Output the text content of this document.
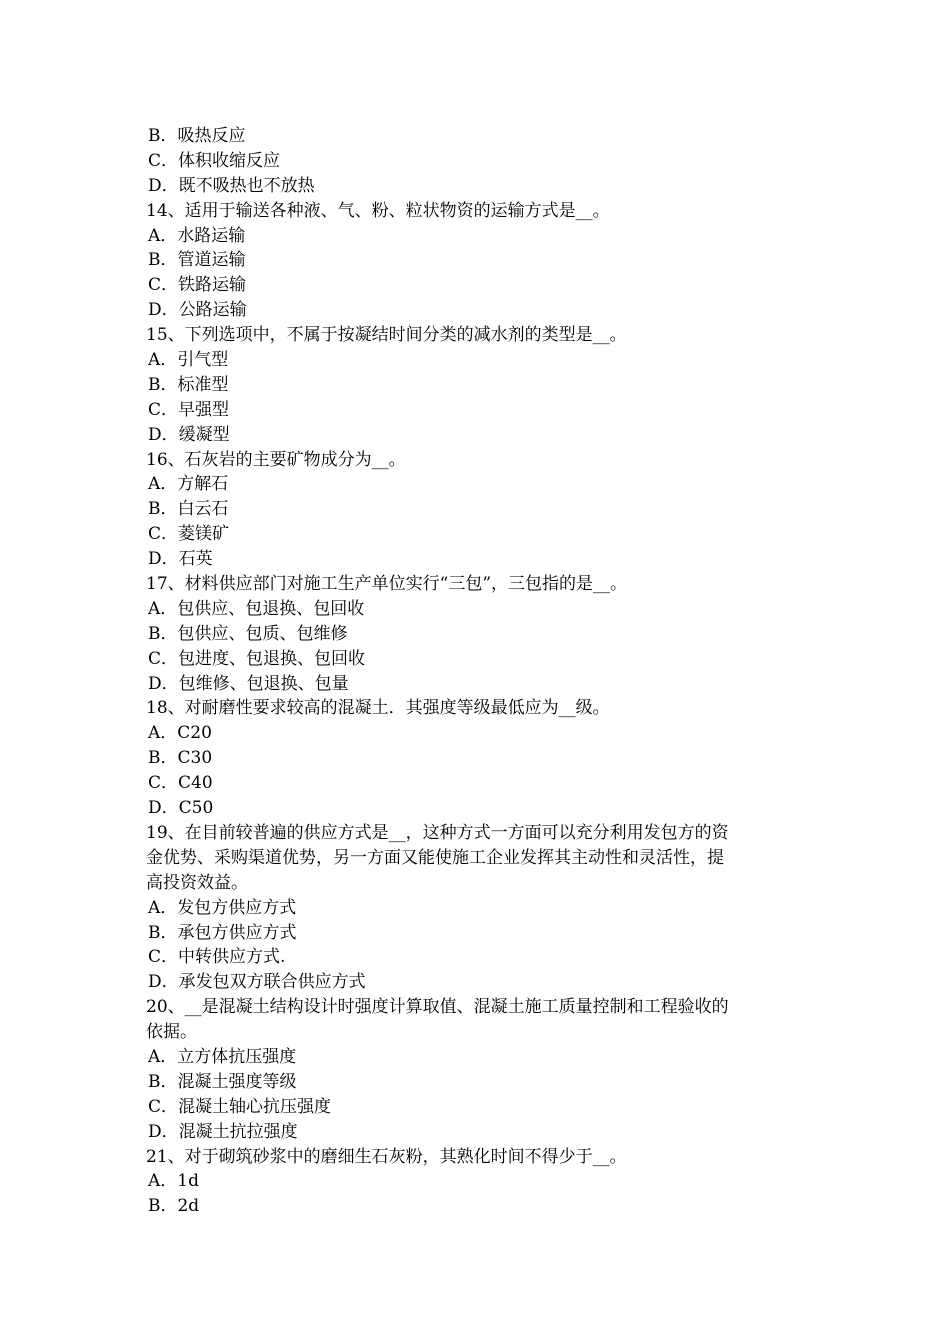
B．吸热反应
C．体积收缩反应
D．既不吸热也不放热
14、适用于输送各种液、气、粉、粒状物资的运输方式是__。
A．水路运输
B．管道运输
C．铁路运输
D．公路运输
15、下列选项中，不属于按凝结时间分类的减水剂的类型是__。
A．引气型
B．标准型
C．早强型
D．缓凝型
16、石灰岩的主要矿物成分为__。
A．方解石
B．白云石
C．菱镁矿
D．石英
17、材料供应部门对施工生产单位实行“三包”，三包指的是__。
A．包供应、包退换、包回收
B．包供应、包质、包维修
C．包进度、包退换、包回收
D．包维修、包退换、包量
18、对耐磨性要求较高的混凝土．其强度等级最低应为__级。
A．C20
B．C30
C．C40
D．C50
19、在目前较普遍的供应方式是__，这种方式一方面可以充分利用发包方的资
金优势、采购渠道优势，另一方面又能使施工企业发挥其主动性和灵活性，提
高投资效益。
A．发包方供应方式
B．承包方供应方式
C．中转供应方式.
D．承发包双方联合供应方式
20、__是混凝土结构设计时强度计算取值、混凝土施工质量控制和工程验收的
依据。
A．立方体抗压强度
B．混凝土强度等级
C．混凝土轴心抗压强度
D．混凝土抗拉强度
21、对于砌筑砂浆中的磨细生石灰粉，其熟化时间不得少于__。
A．1d
B．2d
